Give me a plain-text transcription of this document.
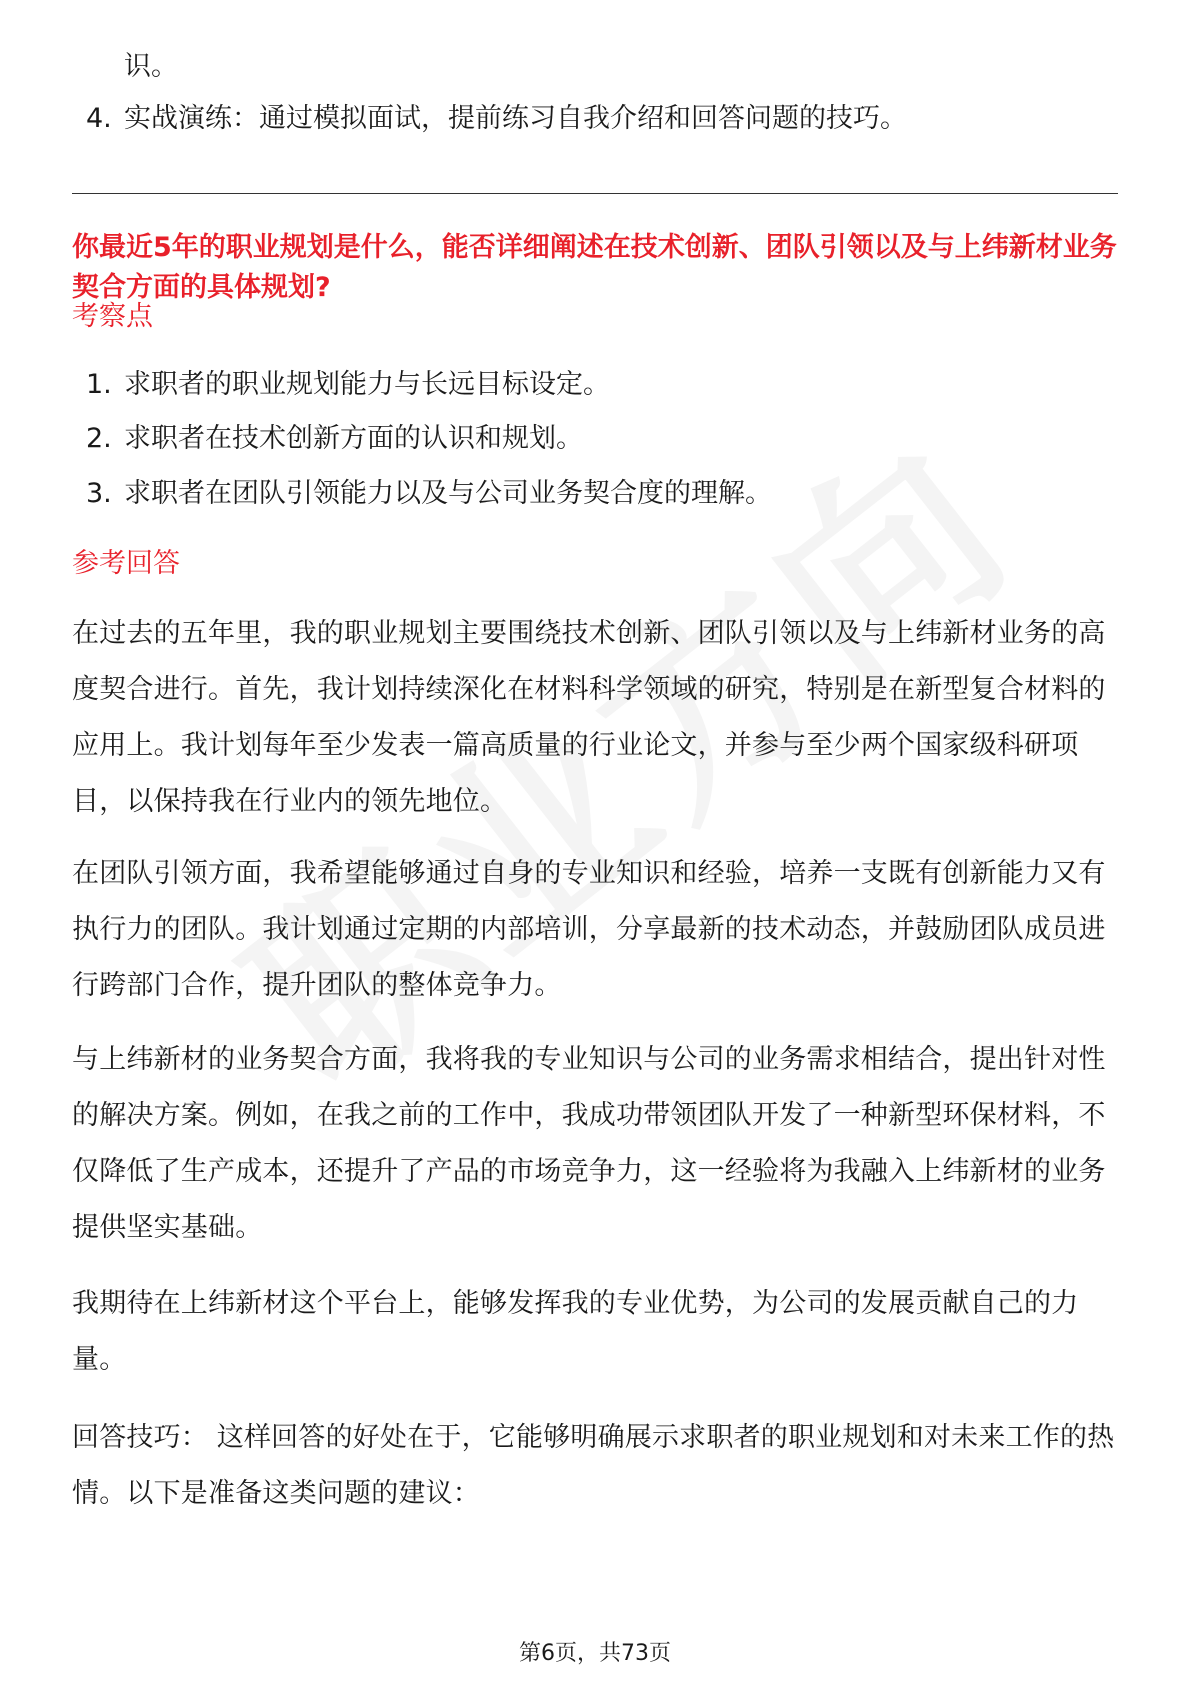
识。
4. 实战演练：通过模拟面试，提前练习自我介绍和回答问题的技巧。
你最近5年的职业规划是什么，能否详细阐述在技术创新、团队引领以及与上纬新材业务契合方面的具体规划?
考察点
1. 求职者的职业规划能力与长远目标设定。
2. 求职者在技术创新方面的认识和规划。
3. 求职者在团队引领能力以及与公司业务契合度的理解。
参考回答
在过去的五年里，我的职业规划主要围绕技术创新、团队引领以及与上纬新材业务的高度契合进行。首先，我计划持续深化在材料科学领域的研究，特别是在新型复合材料的应用上。我计划每年至少发表一篇高质量的行业论文，并参与至少两个国家级科研项目，以保持我在行业内的领先地位。
在团队引领方面，我希望能够通过自身的专业知识和经验，培养一支既有创新能力又有执行力的团队。我计划通过定期的内部培训，分享最新的技术动态，并鼓励团队成员进行跨部门合作，提升团队的整体竞争力。
与上纬新材的业务契合方面，我将我的专业知识与公司的业务需求相结合，提出针对性的解决方案。例如，在我之前的工作中，我成功带领团队开发了一种新型环保材料，不仅降低了生产成本，还提升了产品的市场竞争力，这一经验将为我融入上纬新材的业务提供坚实基础。
我期待在上纬新材这个平台上，能够发挥我的专业优势，为公司的发展贡献自己的力量。
回答技巧： 这样回答的好处在于，它能够明确展示求职者的职业规划和对未来工作的热情。以下是准备这类问题的建议：
第6页，共73页
